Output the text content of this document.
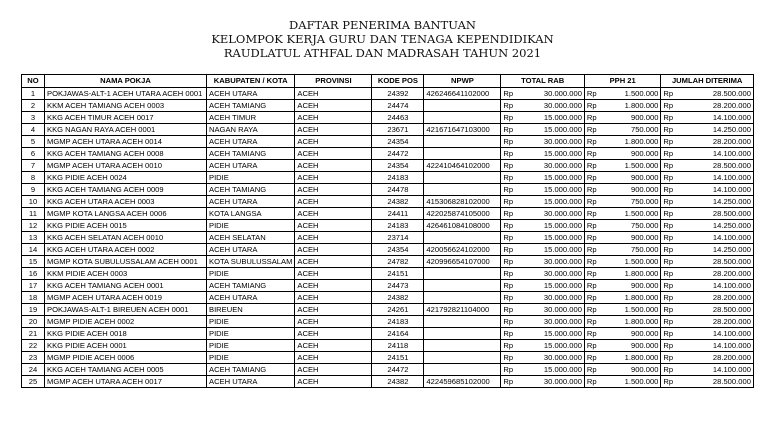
DAFTAR PENERIMA BANTUAN
KELOMPOK KERJA GURU DAN TENAGA KEPENDIDIKAN
RAUDLATUL ATHFAL DAN MADRASAH TAHUN 2021
NO	NAMA POKJA	KABUPATEN / KOTA	PROVINSI	KODE POS	NPWP	TOTAL RAB		PPH 21		JUMLAH DITERIMA	
1	POKJAWAS-ALT-1 ACEH UTARA ACEH 0001	ACEH UTARA	ACEH	24392	426246641102000	Rp	30.000.000	Rp	1.500.000	Rp	28.500.000
2	KKM ACEH TAMIANG ACEH 0003	ACEH TAMIANG	ACEH	24474		Rp	30.000.000	Rp	1.800.000	Rp	28.200.000
3	KKG ACEH TIMUR ACEH 0017	ACEH TIMUR	ACEH	24463		Rp	15.000.000	Rp	900.000	Rp	14.100.000
4	KKG NAGAN RAYA ACEH 0001	NAGAN RAYA	ACEH	23671	421671647103000	Rp	15.000.000	Rp	750.000	Rp	14.250.000
5	MGMP ACEH UTARA ACEH 0014	ACEH UTARA	ACEH	24354		Rp	30.000.000	Rp	1.800.000	Rp	28.200.000
6	KKG ACEH TAMIANG ACEH 0008	ACEH TAMIANG	ACEH	24472		Rp	15.000.000	Rp	900.000	Rp	14.100.000
7	MGMP ACEH UTARA ACEH 0010	ACEH UTARA	ACEH	24354	422410464102000	Rp	30.000.000	Rp	1.500.000	Rp	28.500.000
8	KKG PIDIE ACEH 0024	PIDIE	ACEH	24183		Rp	15.000.000	Rp	900.000	Rp	14.100.000
9	KKG ACEH TAMIANG ACEH 0009	ACEH TAMIANG	ACEH	24478		Rp	15.000.000	Rp	900.000	Rp	14.100.000
10	KKG ACEH UTARA ACEH 0003	ACEH UTARA	ACEH	24382	415306828102000	Rp	15.000.000	Rp	750.000	Rp	14.250.000
11	MGMP KOTA LANGSA ACEH 0006	KOTA LANGSA	ACEH	24411	422025874105000	Rp	30.000.000	Rp	1.500.000	Rp	28.500.000
12	KKG PIDIE ACEH 0015	PIDIE	ACEH	24183	426461084108000	Rp	15.000.000	Rp	750.000	Rp	14.250.000
13	KKG ACEH SELATAN ACEH 0010	ACEH SELATAN	ACEH	23714		Rp	15.000.000	Rp	900.000	Rp	14.100.000
14	KKG ACEH UTARA ACEH 0002	ACEH UTARA	ACEH	24354	420056624102000	Rp	15.000.000	Rp	750.000	Rp	14.250.000
15	MGMP KOTA SUBULUSSALAM ACEH 0001	KOTA SUBULUSSALAM	ACEH	24782	420996654107000	Rp	30.000.000	Rp	1.500.000	Rp	28.500.000
16	KKM PIDIE ACEH 0003	PIDIE	ACEH	24151		Rp	30.000.000	Rp	1.800.000	Rp	28.200.000
17	KKG ACEH TAMIANG ACEH 0001	ACEH TAMIANG	ACEH	24473		Rp	15.000.000	Rp	900.000	Rp	14.100.000
18	MGMP ACEH UTARA ACEH 0019	ACEH UTARA	ACEH	24382		Rp	30.000.000	Rp	1.800.000	Rp	28.200.000
19	POKJAWAS-ALT-1 BIREUEN ACEH 0001	BIREUEN	ACEH	24261	421792821104000	Rp	30.000.000	Rp	1.500.000	Rp	28.500.000
20	MGMP PIDIE ACEH 0002	PIDIE	ACEH	24183		Rp	30.000.000	Rp	1.800.000	Rp	28.200.000
21	KKG PIDIE ACEH 0018	PIDIE	ACEH	24164		Rp	15.000.000	Rp	900.000	Rp	14.100.000
22	KKG PIDIE ACEH 0001	PIDIE	ACEH	24118		Rp	15.000.000	Rp	900.000	Rp	14.100.000
23	MGMP PIDIE ACEH 0006	PIDIE	ACEH	24151		Rp	30.000.000	Rp	1.800.000	Rp	28.200.000
24	KKG ACEH TAMIANG ACEH 0005	ACEH TAMIANG	ACEH	24472		Rp	15.000.000	Rp	900.000	Rp	14.100.000
25	MGMP ACEH UTARA ACEH 0017	ACEH UTARA	ACEH	24382	422459685102000	Rp	30.000.000	Rp	1.500.000	Rp	28.500.000
